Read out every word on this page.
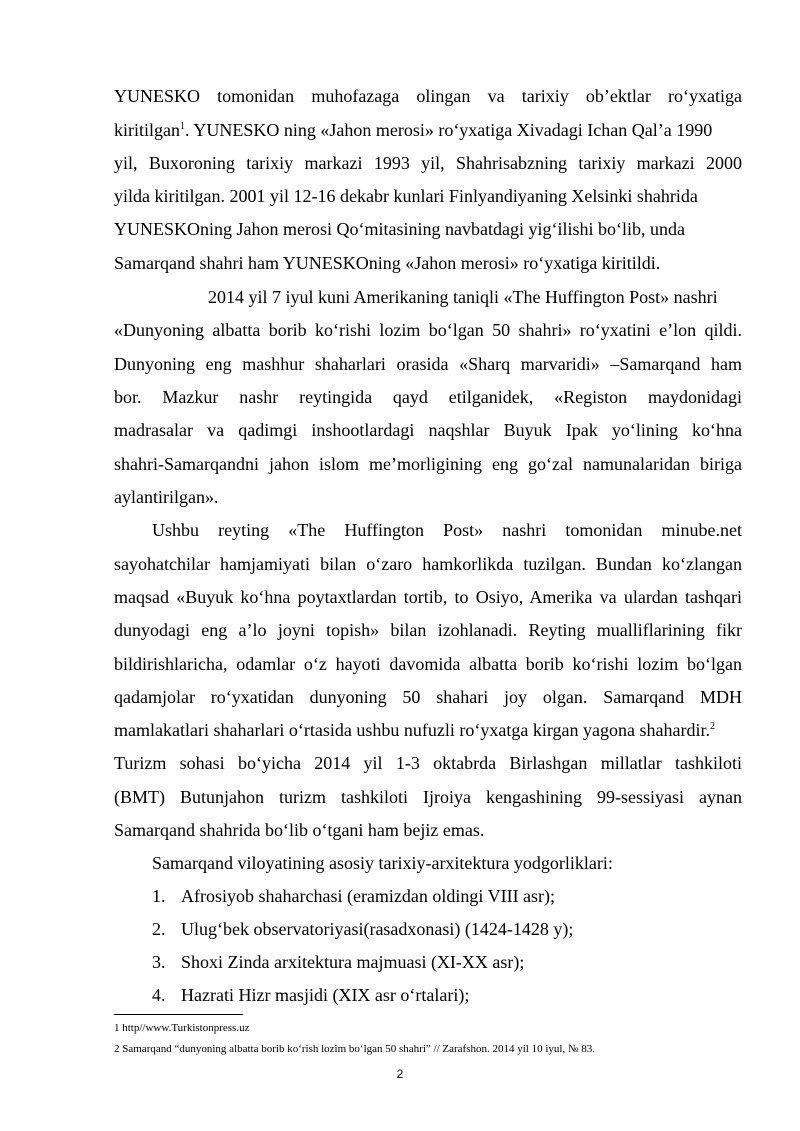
YUNESKO tomonidan muhofazaga olingan va tarixiy ob’ektlar ro‘yxatiga
kiritilgan$^1$. YUNESKO ning «Jahon merosi» ro‘yxatiga Xivadagi Ichan Qal’a 1990
yil, Buxoroning tarixiy markazi 1993 yil, Shahrisabzning tarixiy markazi 2000
yilda kiritilgan. 2001 yil 12-16 dekabr kunlari Finlyandiyaning Xelsinki shahrida
YUNESKOning Jahon merosi Qo‘mitasining navbatdagi yig‘ilishi bo‘lib, unda
Samarqand shahri ham YUNESKOning «Jahon merosi» ro‘yxatiga kiritildi.
2014 yil 7 iyul kuni Amerikaning taniqli «The Huffington Post» nashri
«Dunyoning albatta borib ko‘rishi lozim bo‘lgan 50 shahri» ro‘yxatini e’lon qildi.
Dunyoning eng mashhur shaharlari orasida «Sharq marvaridi» –Samarqand ham
bor. Mazkur nashr reytingida qayd etilganidek, «Registon maydonidagi
madrasalar va qadimgi inshootlardagi naqshlar Buyuk Ipak yo‘lining ko‘hna
shahri-Samarqandni jahon islom me’morligining eng go‘zal namunalaridan biriga
aylantirilgan».
Ushbu reyting «The Huffington Post» nashri tomonidan minube.net
sayohatchilar hamjamiyati bilan o‘zaro hamkorlikda tuzilgan. Bundan ko‘zlangan
maqsad «Buyuk ko‘hna poytaxtlardan tortib, to Osiyo, Amerika va ulardan tashqari
dunyodagi eng a’lo joyni topish» bilan izohlanadi. Reyting mualliflarining fikr
bildirishlaricha, odamlar o‘z hayoti davomida albatta borib ko‘rishi lozim bo‘lgan
qadamjolar ro‘yxatidan dunyoning 50 shahari joy olgan. Samarqand MDH
mamlakatlari shaharlari o‘rtasida ushbu nufuzli ro‘yxatga kirgan yagona shahardir.$^2$
Turizm sohasi bo‘yicha 2014 yil 1-3 oktabrda Birlashgan millatlar tashkiloti
(BMT) Butunjahon turizm tashkiloti Ijroiya kengashining 99-sessiyasi aynan
Samarqand shahrida bo‘lib o‘tgani ham bejiz emas.
Samarqand viloyatining asosiy tarixiy-arxitektura yodgorliklari:
1. Afrosiyob shaharchasi (eramizdan oldingi VIII asr);
2. Ulug‘bek observatoriyasi(rasadxonasi) (1424-1428 y);
3. Shoxi Zinda arxitektura majmuasi (XI-XX asr);
4. Hazrati Hizr masjidi (XIX asr o‘rtalari);
1 http//www.Turkistonpress.uz
2 Samarqand “dunyoning albatta borib ko‘rish lozim bo‘lgan 50 shahri” // Zarafshon. 2014 yil 10 iyul, № 83.
2
